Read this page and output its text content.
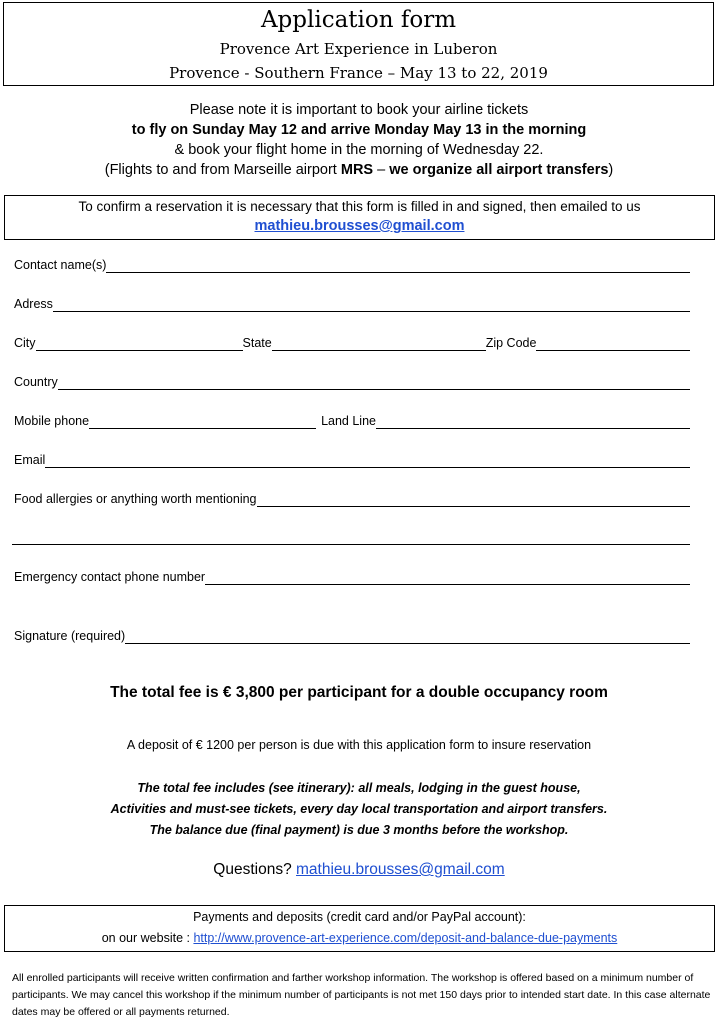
Application form
Provence Art Experience in Luberon
Provence - Southern France – May 13 to 22, 2019
Please note it is important to book your airline tickets
to fly on Sunday May 12 and arrive Monday May 13 in the morning
& book your flight home in the morning of Wednesday 22.
(Flights to and from Marseille airport MRS – we organize all airport transfers)
To confirm a reservation it is necessary that this form is filled in and signed, then emailed to us
mathieu.brousses@gmail.com
Contact name(s)
Adress
City	State	Zip Code
Country
Mobile phone	Land Line
Email
Food allergies or anything worth mentioning
Emergency contact phone number
Signature (required)
The total fee is € 3,800 per participant for a double occupancy room
A deposit of € 1200 per person is due with this application form to insure reservation
The total fee includes (see itinerary): all meals, lodging in the guest house,
Activities and must-see tickets, every day local transportation and airport transfers.
The balance due (final payment) is due 3 months before the workshop.
Questions? mathieu.brousses@gmail.com
Payments and deposits (credit card and/or PayPal account):
on our website : http://www.provence-art-experience.com/deposit-and-balance-due-payments
All enrolled participants will receive written confirmation and farther workshop information. The workshop is offered based on a minimum number of participants. We may cancel this workshop if the minimum number of participants is not met 150 days prior to intended start date. In this case alternate dates may be offered or all payments returned.
